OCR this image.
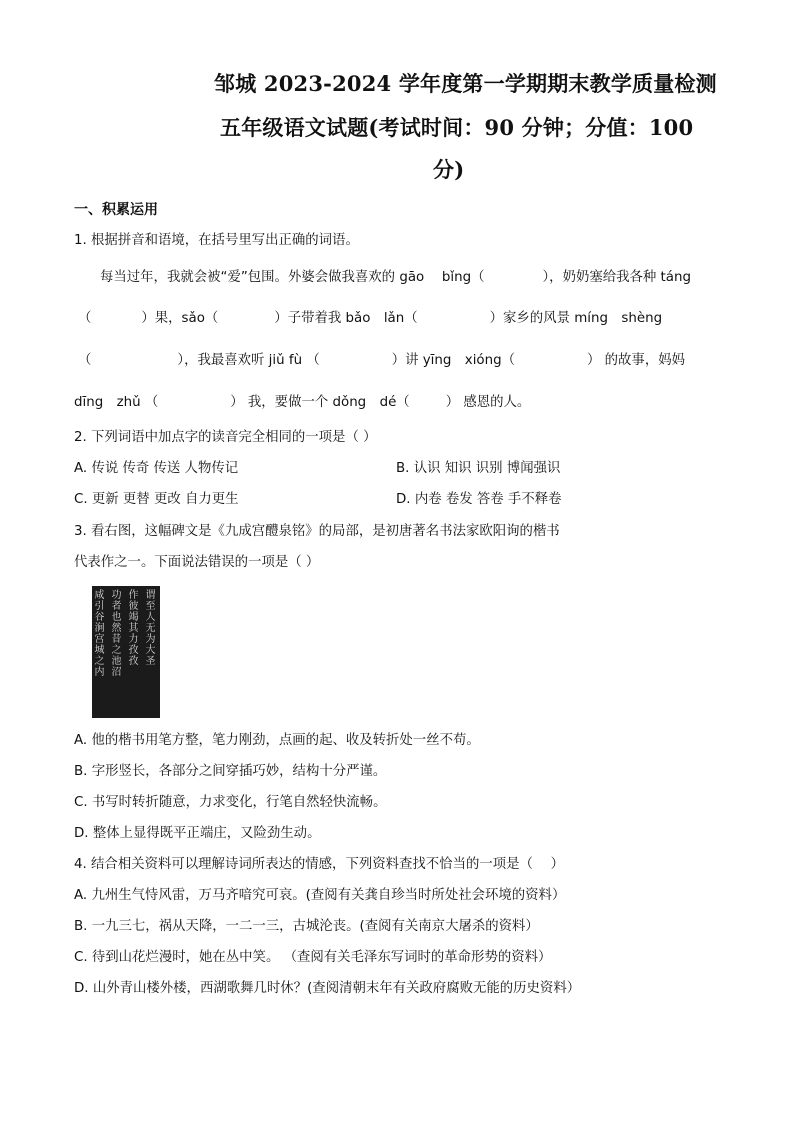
邹城 2023-2024 学年度第一学期期末教学质量检测
五年级语文试题(考试时间：90 分钟；分值：100
分)
一、积累运用
1. 根据拼音和语境，在括号里写出正确的词语。
每当过年，我就会被“爱”包围。外婆会做我喜欢的 gāo　 bǐng（	），奶奶塞给我各种 táng
（	）果，sǎo（	）子带着我 bǎo　lǎn（	）家乡的风景 míng　shèng
（	），我最喜欢听 jiǔ fù （	）讲 yīng　xióng（	） 的故事，妈妈
dīng　zhǔ （	） 我，要做一个 dǒng　dé（	） 感恩的人。
2. 下列词语中加点字的读音完全相同的一项是（ ）
A. 传说 传奇 传送 人物传记	B. 认识 知识 识别 博闻强识
C. 更新 更替 更改 自力更生	D. 内卷 卷发 答卷 手不释卷
3. 看右图，这幅碑文是《九成宫醴泉铭》的局部，是初唐著名书法家欧阳询的楷书
代表作之一。下面说法错误的一项是（ ）
谓至人无为大圣
作彼竭其力孜孜
功者也然昔之池沼
咸引谷涧宫城之内
A. 他的楷书用笔方整，笔力刚劲，点画的起、收及转折处一丝不苟。
B. 字形竖长，各部分之间穿插巧妙，结构十分严谨。
C. 书写时转折随意，力求变化，行笔自然轻快流畅。
D. 整体上显得既平正端庄，又险劲生动。
4. 结合相关资料可以理解诗词所表达的情感，下列资料查找不恰当的一项是（　 ）
A. 九州生气恃风雷，万马齐喑究可哀。(查阅有关龚自珍当时所处社会环境的资料）
B. 一九三七，祸从天降，一二一三，古城沦丧。(查阅有关南京大屠杀的资料）
C. 待到山花烂漫时，她在丛中笑。 （查阅有关毛泽东写词时的革命形势的资料）
D. 山外青山楼外楼，西湖歌舞几时休？(查阅清朝末年有关政府腐败无能的历史资料）
